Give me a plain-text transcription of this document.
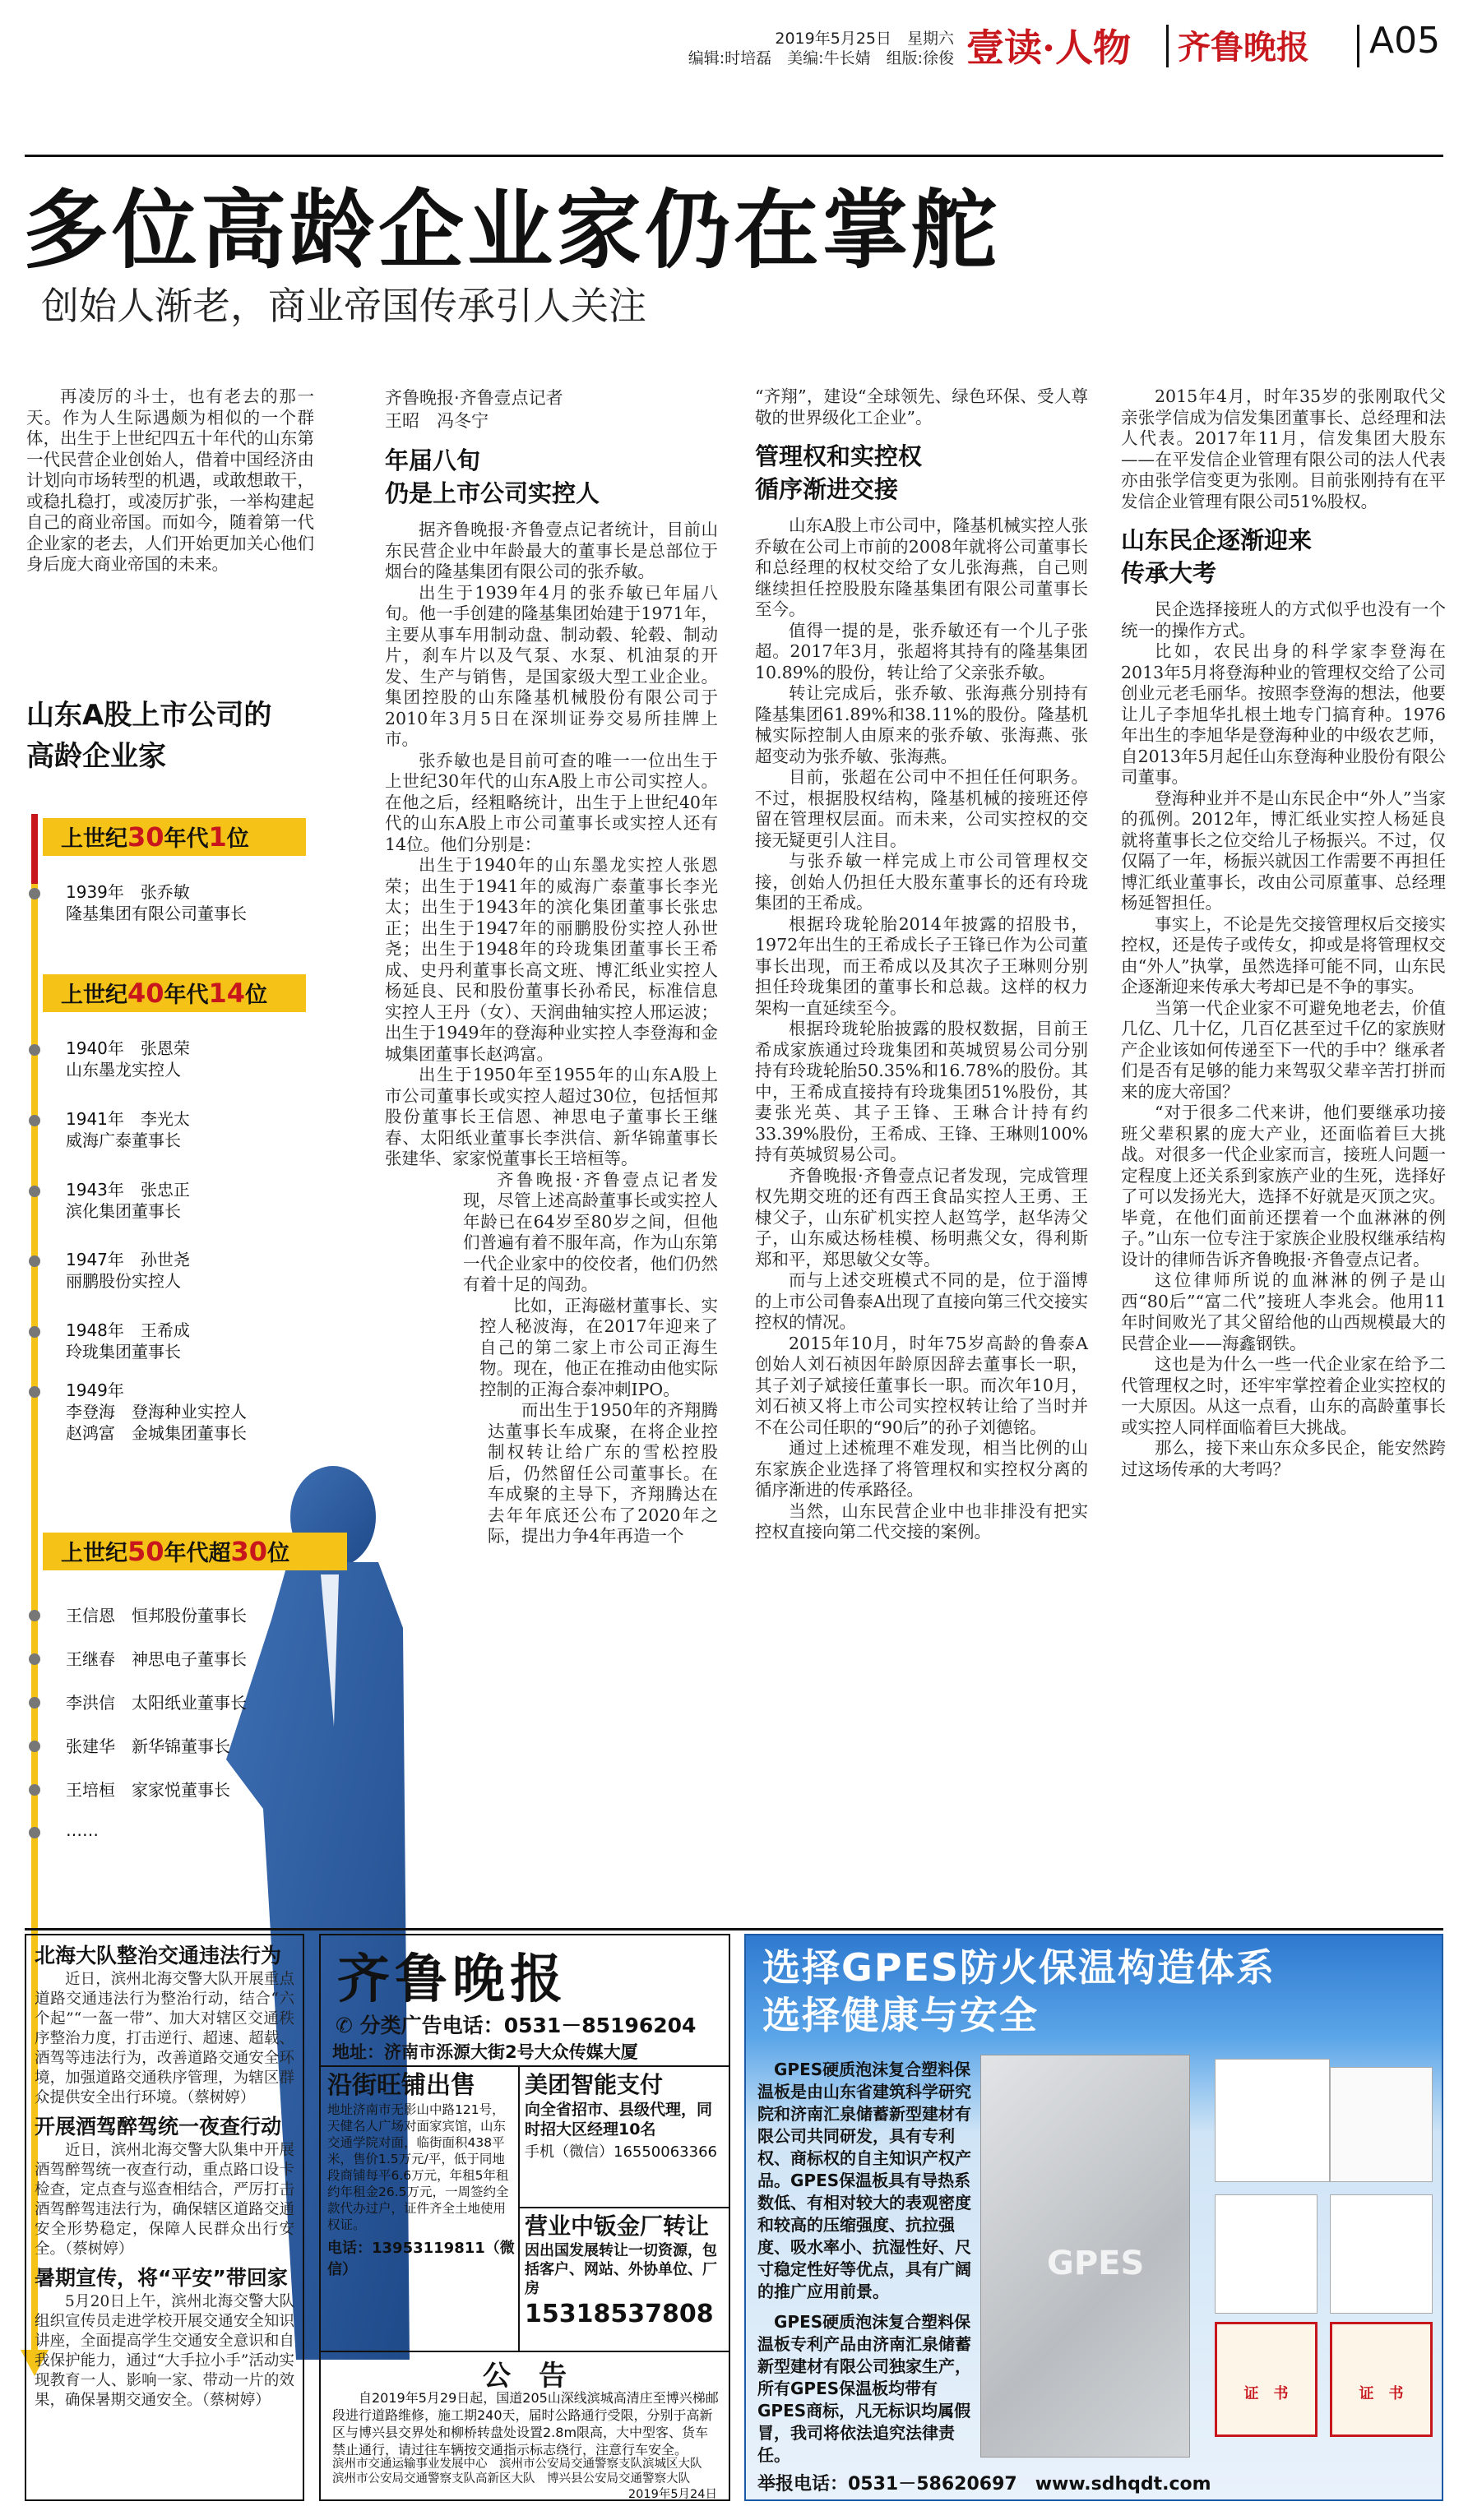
2019年5月25日　星期六
编辑:时培磊　美编:牛长婧　组版:徐俊 壹读·人物 齐鲁晚报 A05
多位高龄企业家仍在掌舵
创始人渐老，商业帝国传承引人关注

再凌厉的斗士，也有老去的那一天。作为人生际遇颇为相似的一个群体，出生于上世纪四五十年代的山东第一代民营企业创始人，借着中国经济由计划向市场转型的机遇，或敢想敢干，或稳扎稳打，或凌厉扩张，一举构建起自己的商业帝国。而如今，随着第一代企业家的老去，人们开始更加关心他们身后庞大商业帝国的未来。

山东A股上市公司的
高龄企业家
上世纪30年代1位
1939年　张乔敏
隆基集团有限公司董事长
上世纪40年代14位
1940年　张恩荣
山东墨龙实控人
1941年　李光太
威海广泰董事长
1943年　张忠正
滨化集团董事长
1947年　孙世尧
丽鹏股份实控人
1948年　王希成
玲珑集团董事长
1949年
李登海　登海种业实控人
赵鸿富　金城集团董事长
上世纪50年代超30位
王信恩　恒邦股份董事长
王继春　神思电子董事长
李洪信　太阳纸业董事长
张建华　新华锦董事长
王培桓　家家悦董事长
……

齐鲁晚报·齐鲁壹点记者

王昭　冯冬宁

年届八旬
仍是上市公司实控人

据齐鲁晚报·齐鲁壹点记者统计，目前山东民营企业中年龄最大的董事长是总部位于烟台的隆基集团有限公司的张乔敏。

出生于1939年4月的张乔敏已年届八旬。他一手创建的隆基集团始建于1971年，主要从事车用制动盘、制动毂、轮毂、制动片，刹车片以及气泵、水泵、机油泵的开发、生产与销售，是国家级大型工业企业。集团控股的山东隆基机械股份有限公司于2010年3月5日在深圳证券交易所挂牌上市。

张乔敏也是目前可查的唯一一位出生于上世纪30年代的山东A股上市公司实控人。在他之后，经粗略统计，出生于上世纪40年代的山东A股上市公司董事长或实控人还有14位。他们分别是：

出生于1940年的山东墨龙实控人张恩荣；出生于1941年的威海广泰董事长李光太；出生于1943年的滨化集团董事长张忠正；出生于1947年的丽鹏股份实控人孙世尧；出生于1948年的玲珑集团董事长王希成、史丹利董事长高文班、博汇纸业实控人杨延良、民和股份董事长孙希民，标准信息实控人王丹（女）、天润曲轴实控人邢运波；出生于1949年的登海种业实控人李登海和金城集团董事长赵鸿富。

出生于1950年至1955年的山东A股上市公司董事长或实控人超过30位，包括恒邦股份董事长王信恩、神思电子董事长王继春、太阳纸业董事长李洪信、新华锦董事长张建华、家家悦董事长王培桓等。

齐鲁晚报·齐鲁壹点记者发现，尽管上述高龄董事长或实控人年龄已在64岁至80岁之间，但他们普遍有着不服年高，作为山东第一代企业家中的佼佼者，他们仍然有着十足的闯劲。

比如，正海磁材董事长、实控人秘波海，在2017年迎来了自己的第二家上市公司正海生物。现在，他正在推动由他实际控制的正海合泰冲刺IPO。

而出生于1950年的齐翔腾达董事长车成聚，在将企业控制权转让给广东的雪松控股后，仍然留任公司董事长。在车成聚的主导下，齐翔腾达在去年年底还公布了2020年之际，提出力争4年再造一个

“齐翔”，建设“全球领先、绿色环保、受人尊敬的世界级化工企业”。

管理权和实控权
循序渐进交接

山东A股上市公司中，隆基机械实控人张乔敏在公司上市前的2008年就将公司董事长和总经理的权杖交给了女儿张海燕，自己则继续担任控股股东隆基集团有限公司董事长至今。

值得一提的是，张乔敏还有一个儿子张超。2017年3月，张超将其持有的隆基集团10.89%的股份，转让给了父亲张乔敏。

转让完成后，张乔敏、张海燕分别持有隆基集团61.89%和38.11%的股份。隆基机械实际控制人由原来的张乔敏、张海燕、张超变动为张乔敏、张海燕。

目前，张超在公司中不担任任何职务。不过，根据股权结构，隆基机械的接班还停留在管理权层面。而未来，公司实控权的交接无疑更引人注目。

与张乔敏一样完成上市公司管理权交接，创始人仍担任大股东董事长的还有玲珑集团的王希成。

根据玲珑轮胎2014年披露的招股书，1972年出生的王希成长子王锋已作为公司董事长出现，而王希成以及其次子王琳则分别担任玲珑集团的董事长和总裁。这样的权力架构一直延续至今。

根据玲珑轮胎披露的股权数据，目前王希成家族通过玲珑集团和英城贸易公司分别持有玲珑轮胎50.35%和16.78%的股份。其中，王希成直接持有玲珑集团51%股份，其妻张光英、其子王锋、王琳合计持有约33.39%股份，王希成、王锋、王琳则100%持有英城贸易公司。

齐鲁晚报·齐鲁壹点记者发现，完成管理权先期交班的还有西王食品实控人王勇、王棣父子，山东矿机实控人赵笃学，赵华涛父子，山东威达杨桂模、杨明燕父女，得利斯郑和平，郑思敏父女等。

而与上述交班模式不同的是，位于淄博的上市公司鲁泰A出现了直接向第三代交接实控权的情况。

2015年10月，时年75岁高龄的鲁泰A创始人刘石祯因年龄原因辞去董事长一职，其子刘子斌接任董事长一职。而次年10月，刘石祯又将上市公司实控权转让给了当时并不在公司任职的“90后”的孙子刘德铭。

通过上述梳理不难发现，相当比例的山东家族企业选择了将管理权和实控权分离的循序渐进的传承路径。

当然，山东民营企业中也非排没有把实控权直接向第二代交接的案例。

2015年4月，时年35岁的张刚取代父亲张学信成为信发集团董事长、总经理和法人代表。2017年11月，信发集团大股东——在平发信企业管理有限公司的法人代表亦由张学信变更为张刚。目前张刚持有在平发信企业管理有限公司51%股权。

山东民企逐渐迎来
传承大考

民企选择接班人的方式似乎也没有一个统一的操作方式。

比如，农民出身的科学家李登海在2013年5月将登海种业的管理权交给了公司创业元老毛丽华。按照李登海的想法，他要让儿子李旭华扎根土地专门搞育种。1976年出生的李旭华是登海种业的中级农艺师，自2013年5月起任山东登海种业股份有限公司董事。

登海种业并不是山东民企中“外人”当家的孤例。2012年，博汇纸业实控人杨延良就将董事长之位交给儿子杨振兴。不过，仅仅隔了一年，杨振兴就因工作需要不再担任博汇纸业董事长，改由公司原董事、总经理杨延智担任。

事实上，不论是先交接管理权后交接实控权，还是传子或传女，抑或是将管理权交由“外人”执掌，虽然选择可能不同，山东民企逐渐迎来传承大考却已是不争的事实。

当第一代企业家不可避免地老去，价值几亿、几十亿，几百亿甚至过千亿的家族财产企业该如何传递至下一代的手中？继承者们是否有足够的能力来驾驭父辈辛苦打拼而来的庞大帝国？

“对于很多二代来讲，他们要继承功接班父辈积累的庞大产业，还面临着巨大挑战。对很多一代企业家而言，接班人问题一定程度上还关系到家族产业的生死，选择好了可以发扬光大，选择不好就是灭顶之灾。毕竟，在他们面前还摆着一个血淋淋的例子。”山东一位专注于家族企业股权继承结构设计的律师告诉齐鲁晚报·齐鲁壹点记者。

这位律师所说的血淋淋的例子是山西“80后”“富二代”接班人李兆会。他用11年时间败光了其父留给他的山西规模最大的民营企业——海鑫钢铁。

这也是为什么一些一代企业家在给予二代管理权之时，还牢牢掌控着企业实控权的一大原因。从这一点看，山东的高龄董事长或实控人同样面临着巨大挑战。

那么，接下来山东众多民企，能安然跨过这场传承的大考吗？

北海大队整治交通违法行为

近日，滨州北海交警大队开展重点道路交通违法行为整治行动，结合“六个起”“一盔一带”、加大对辖区交通秩序整治力度，打击逆行、超速、超载、酒驾等违法行为，改善道路交通安全环境，加强道路交通秩序管理，为辖区群众提供安全出行环境。（蔡树婷）

开展酒驾醉驾统一夜查行动

近日，滨州北海交警大队集中开展酒驾醉驾统一夜查行动，重点路口设卡检查，定点查与巡查相结合，严厉打击酒驾醉驾违法行为，确保辖区道路交通安全形势稳定，保障人民群众出行安全。（蔡树婷）

暑期宣传，将“平安”带回家

5月20日上午，滨州北海交警大队组织宣传员走进学校开展交通安全知识讲座，全面提高学生交通安全意识和自我保护能力，通过“大手拉小手”活动实现教育一人、影响一家、带动一片的效果，确保暑期交通安全。（蔡树婷）

齐鲁晚报
✆ 分类广告电话：0531－85196204
地址：济南市泺源大街2号大众传媒大厦
沿街旺铺出售
地址济南市无影山中路121号，天健名人广场对面家宾馆，山东交通学院对面，临街面积438平米，售价1.5万元/平，低于同地段商铺每平6.6万元，年租5年租约年租金26.5万元，一周签约全款代办过户，证件齐全土地使用权证。
电话：13953119811（微信）
美团智能支付
向全省招市、县级代理，同时招大区经理10名
手机（微信）16550063366
营业中钣金厂转让
因出国发展转让一切资源，包括客户、网站、外协单位、厂房
15318537808
公　告
自2019年5月29日起，国道205山深线滨城高清庄至博兴梯邮段进行道路维修，施工期240天，届时公路通行受限，分别于高新区与博兴县交界处和柳桥转盘处设置2.8m限高，大中型客、货车禁止通行，请过往车辆按交通指示标志绕行，注意行车安全。
滨州市交通运输事业发展中心　滨州市公安局交通警察支队滨城区大队
滨州市公安局交通警察支队高新区大队　博兴县公安局交通警察大队
2019年5月24日
选择GPES防火保温构造体系
选择健康与安全
GPES

GPES硬质泡沫复合塑料保温板是由山东省建筑科学研究院和济南汇泉储蓄新型建材有限公司共同研发，具有专利权、商标权的自主知识产权产品。GPES保温板具有导热系数低、有相对较大的表观密度和较高的压缩强度、抗拉强度、吸水率小、抗湿性好、尺寸稳定性好等优点，具有广阔的推广应用前景。

GPES硬质泡沫复合塑料保温板专利产品由济南汇泉储蓄新型建材有限公司独家生产，所有GPES保温板均带有GPES商标，凡无标识均属假冒，我司将依法追究法律责任。

证　书	证　书
举报电话：0531－58620697　www.sdhqdt.com
